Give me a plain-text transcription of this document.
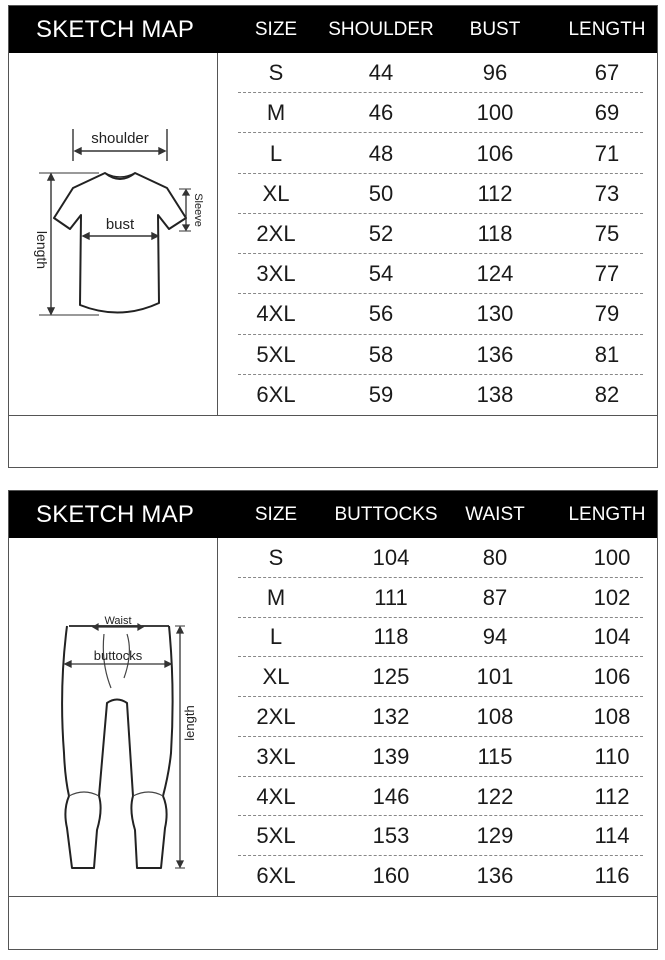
SKETCH MAP	SIZE	SHOULDER	BUST	LENGTH
shoulder
bust
length
Sleeve
S	44	96	67
M	46	100	69
L	48	106	71
XL	50	112	73
2XL	52	118	75
3XL	54	124	77
4XL	56	130	79
5XL	58	136	81
6XL	59	138	82
SKETCH MAP	SIZE	BUTTOCKS	WAIST	LENGTH
Waist
buttocks
length
S	104	80	100
M	111	87	102
L	118	94	104
XL	125	101	106
2XL	132	108	108
3XL	139	115	110
4XL	146	122	112
5XL	153	129	114
6XL	160	136	116
